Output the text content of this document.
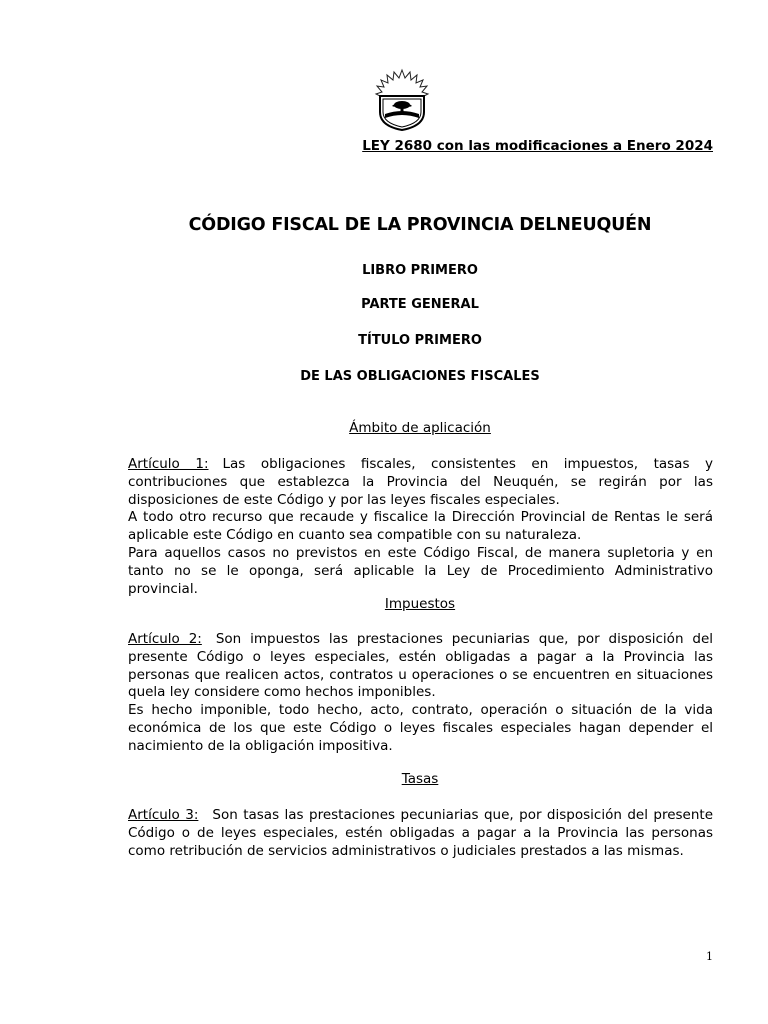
LEY 2680 con las modificaciones a Enero 2024
CÓDIGO FISCAL DE LA PROVINCIA DELNEUQUÉN
LIBRO PRIMERO
PARTE GENERAL
TÍTULO PRIMERO
DE LAS OBLIGACIONES FISCALES
Ámbito de aplicación

Artículo 1: Las obligaciones fiscales, consistentes en impuestos, tasas y contribuciones que establezca la Provincia del Neuquén, se regirán por las disposiciones de este Código y por las leyes fiscales especiales.

A todo otro recurso que recaude y fiscalice la Dirección Provincial de Rentas le será aplicable este Código en cuanto sea compatible con su naturaleza.

Para aquellos casos no previstos en este Código Fiscal, de manera supletoria y en tanto no se le oponga, será aplicable la Ley de Procedimiento Administrativo provincial.

Impuestos

Artículo 2: Son impuestos las prestaciones pecuniarias que, por disposición del presente Código o leyes especiales, estén obligadas a pagar a la Provincia las personas que realicen actos, contratos u operaciones o se encuentren en situaciones quela ley considere como hechos imponibles.

Es hecho imponible, todo hecho, acto, contrato, operación o situación de la vida económica de los que este Código o leyes fiscales especiales hagan depender el nacimiento de la obligación impositiva.

Tasas

Artículo 3: Son tasas las prestaciones pecuniarias que, por disposición del presente Código o de leyes especiales, estén obligadas a pagar a la Provincia las personas como retribución de servicios administrativos o judiciales prestados a las mismas.

1
